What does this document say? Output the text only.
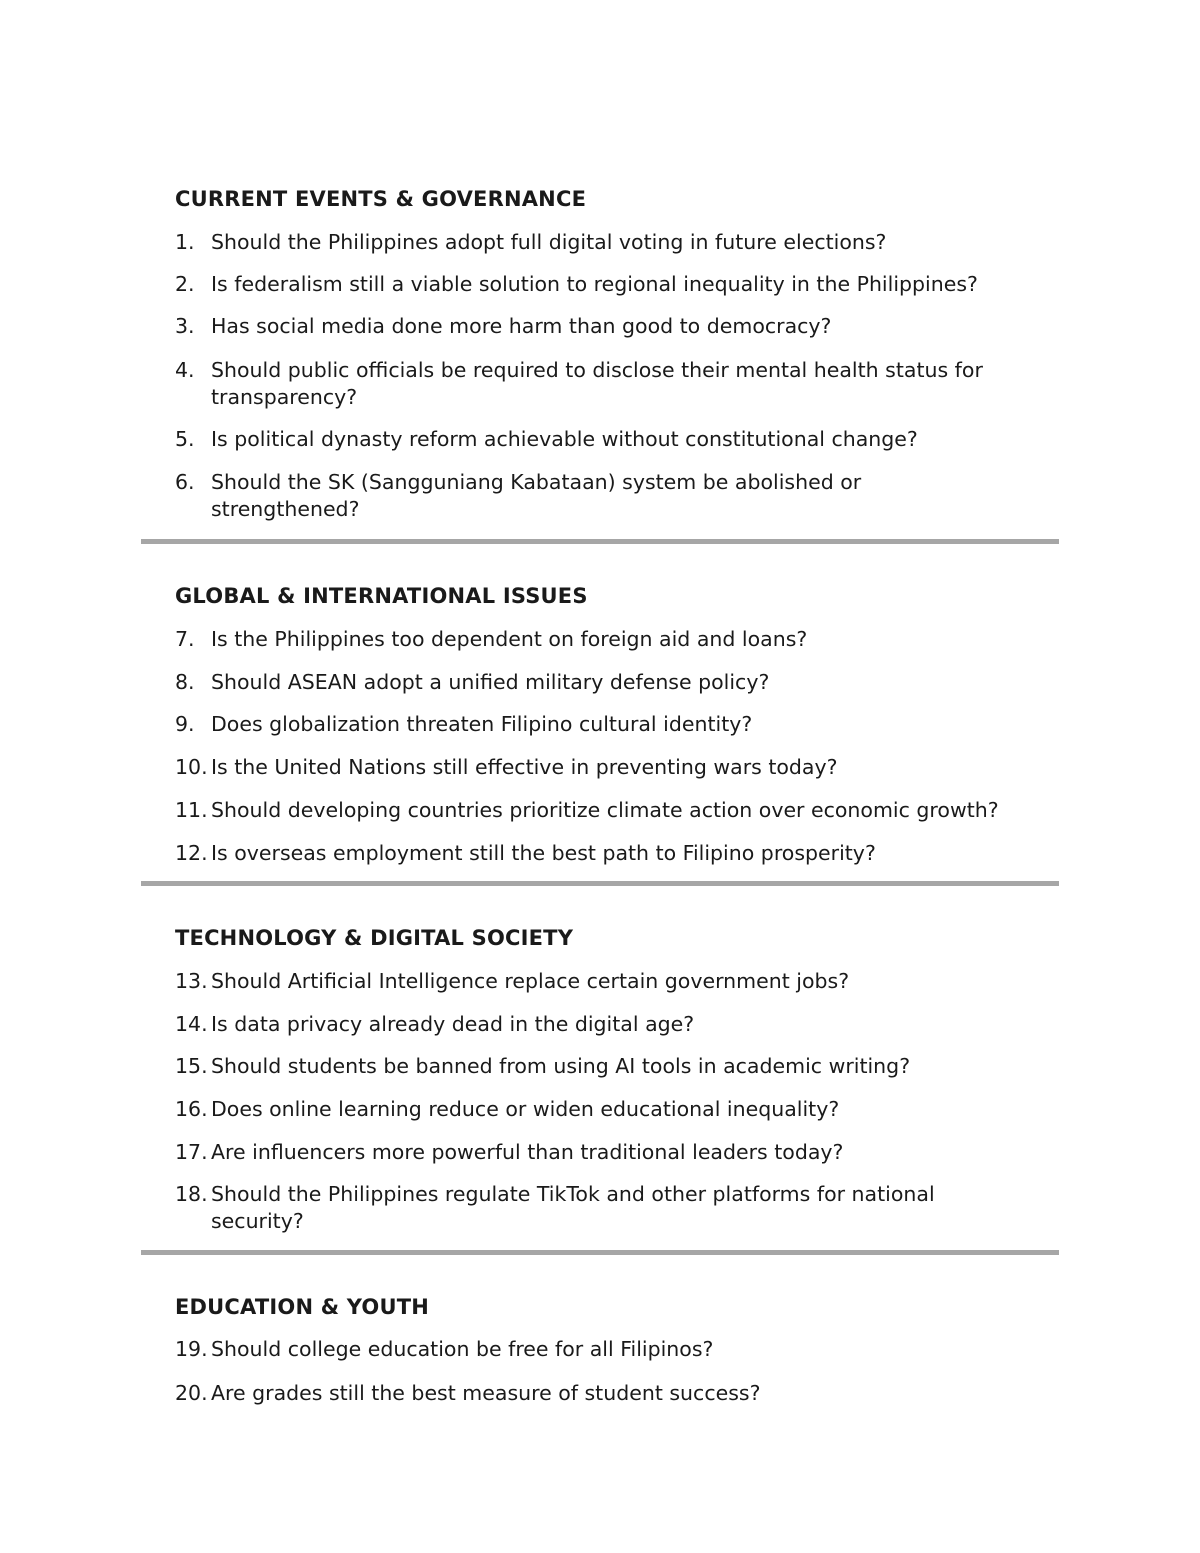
CURRENT EVENTS & GOVERNANCE
1. Should the Philippines adopt full digital voting in future elections?
2. Is federalism still a viable solution to regional inequality in the Philippines?
3. Has social media done more harm than good to democracy?
4. Should public officials be required to disclose their mental health status for transparency?
5. Is political dynasty reform achievable without constitutional change?
6. Should the SK (Sangguniang Kabataan) system be abolished or strengthened?
GLOBAL & INTERNATIONAL ISSUES
7. Is the Philippines too dependent on foreign aid and loans?
8. Should ASEAN adopt a unified military defense policy?
9. Does globalization threaten Filipino cultural identity?
10. Is the United Nations still effective in preventing wars today?
11. Should developing countries prioritize climate action over economic growth?
12. Is overseas employment still the best path to Filipino prosperity?
TECHNOLOGY & DIGITAL SOCIETY
13. Should Artificial Intelligence replace certain government jobs?
14. Is data privacy already dead in the digital age?
15. Should students be banned from using AI tools in academic writing?
16. Does online learning reduce or widen educational inequality?
17. Are influencers more powerful than traditional leaders today?
18. Should the Philippines regulate TikTok and other platforms for national security?
EDUCATION & YOUTH
19. Should college education be free for all Filipinos?
20. Are grades still the best measure of student success?
